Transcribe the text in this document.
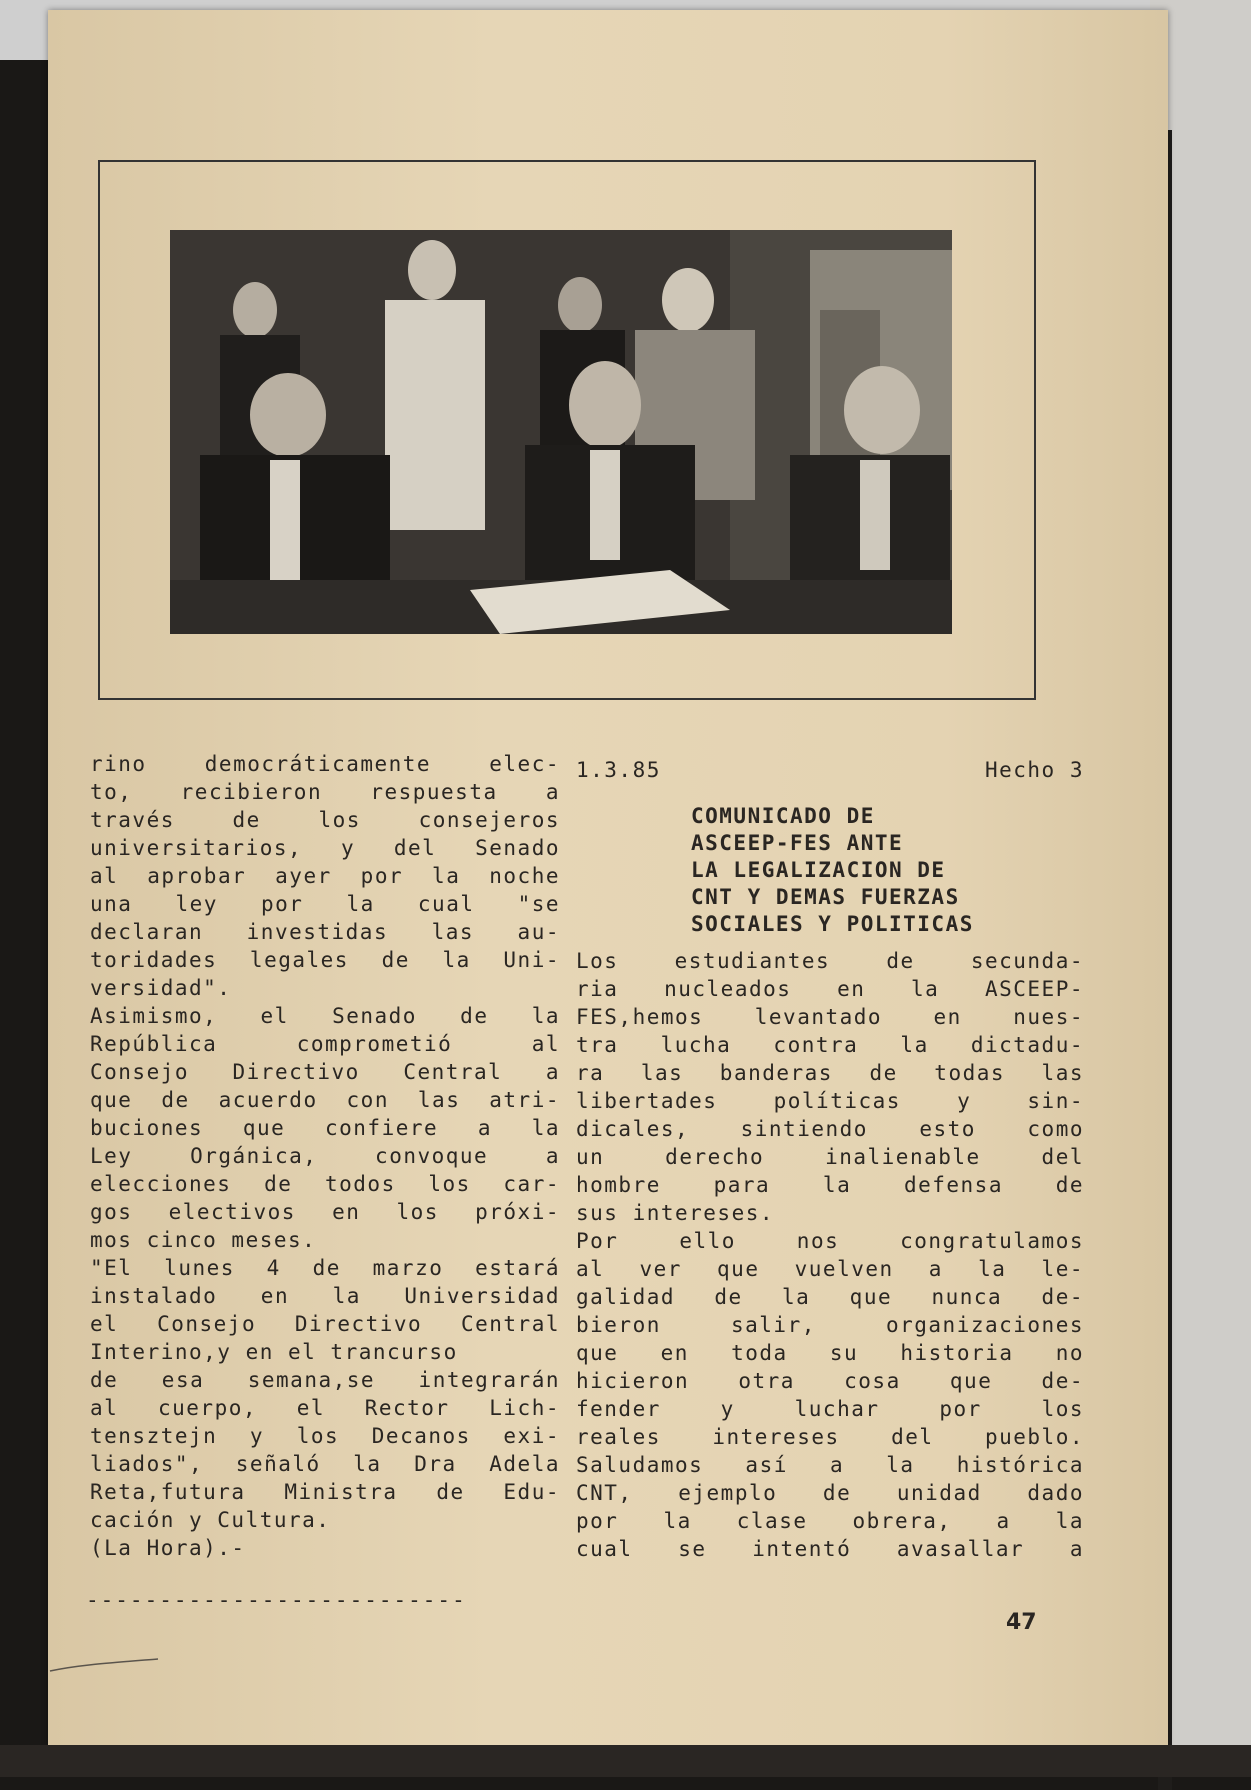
rino democráticamente elec-
to, recibieron respuesta a
través de los consejeros
universitarios, y del Senado
al aprobar ayer por la noche
una ley por la cual "se
declaran investidas las au-
toridades legales de la Uni-
versidad".
Asimismo, el Senado de la
República comprometió al
Consejo Directivo Central a
que de acuerdo con las atri-
buciones que confiere a la
Ley Orgánica, convoque a
elecciones de todos los car-
gos electivos en los próxi-
mos cinco meses.
"El lunes 4 de marzo estará
instalado en la Universidad
el Consejo Directivo Central
Interino,y en el trancurso
de esa semana,se integrarán
al cuerpo, el Rector Lich-
tensztejn y los Decanos exi-
liados", señaló la Dra Adela
Reta,futura Ministra de Edu-
cación y Cultura.
(La Hora).-
--------------------------
1.3.85	Hecho 3
COMUNICADO DE
ASCEEP-FES ANTE
LA LEGALIZACION DE
CNT Y DEMAS FUERZAS
SOCIALES Y POLITICAS
Los estudiantes de secunda-
ria nucleados en la ASCEEP-
FES,hemos levantado en nues-
tra lucha contra la dictadu-
ra las banderas de todas las
libertades políticas y sin-
dicales, sintiendo esto como
un derecho inalienable del
hombre para la defensa de
sus intereses.
Por ello nos congratulamos
al ver que vuelven a la le-
galidad de la que nunca de-
bieron salir, organizaciones
que en toda su historia no
hicieron otra cosa que de-
fender y luchar por los
reales intereses del pueblo.
Saludamos así a la histórica
CNT, ejemplo de unidad dado
por la clase obrera, a la
cual se intentó avasallar a
47
